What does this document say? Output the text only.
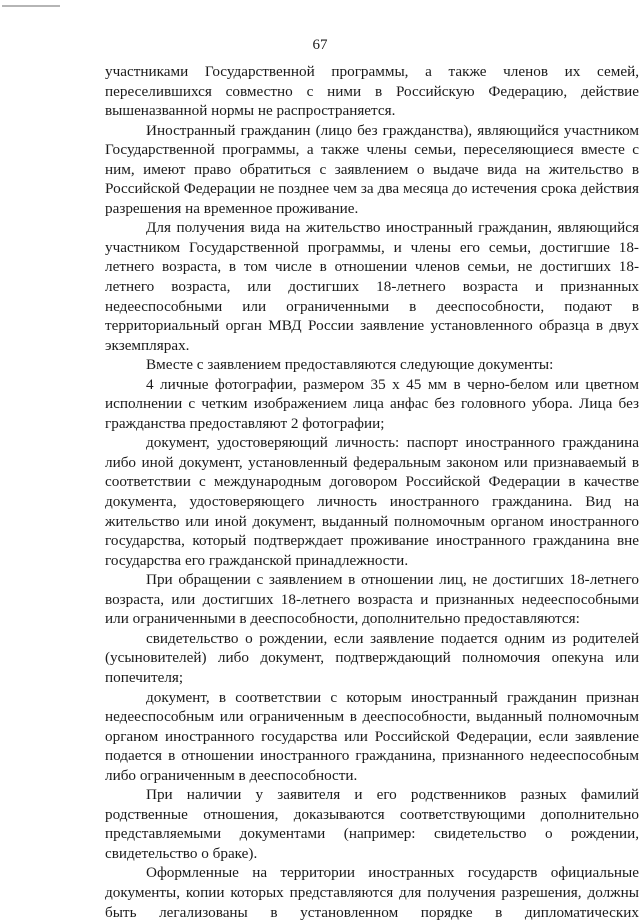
67

участниками Государственной программы, а также членов их семей, переселившихся совместно с ними в Российскую Федерацию, действие вышеназванной нормы не распространяется.

Иностранный гражданин (лицо без гражданства), являющийся участником Государственной программы, а также члены семьи, переселяющиеся вместе с ним, имеют право обратиться с заявлением о выдаче вида на жительство в Российской Федерации не позднее чем за два месяца до истечения срока действия разрешения на временное проживание.

Для получения вида на жительство иностранный гражданин, являющийся участником Государственной программы, и члены его семьи, достигшие 18-летнего возраста, в том числе в отношении членов семьи, не достигших 18-летнего возраста, или достигших 18-летнего возраста и признанных недееспособными или ограниченными в дееспособности, подают в территориальный орган МВД России заявление установленного образца в двух экземплярах.

Вместе с заявлением предоставляются следующие документы:

4 личные фотографии, размером 35 х 45 мм в черно-белом или цветном исполнении с четким изображением лица анфас без головного убора. Лица без гражданства предоставляют 2 фотографии;

документ, удостоверяющий личность: паспорт иностранного гражданина либо иной документ, установленный федеральным законом или признаваемый в соответствии с международным договором Российской Федерации в качестве документа, удостоверяющего личность иностранного гражданина. Вид на жительство или иной документ, выданный полномочным органом иностранного государства, который подтверждает проживание иностранного гражданина вне государства его гражданской принадлежности.

При обращении с заявлением в отношении лиц, не достигших 18-летнего возраста, или достигших 18-летнего возраста и признанных недееспособными или ограниченными в дееспособности, дополнительно предоставляются:

свидетельство о рождении, если заявление подается одним из родителей (усыновителей) либо документ, подтверждающий полномочия опекуна или попечителя;

документ, в соответствии с которым иностранный гражданин признан недееспособным или ограниченным в дееспособности, выданный полномочным органом иностранного государства или Российской Федерации, если заявление подается в отношении иностранного гражданина, признанного недееспособным либо ограниченным в дееспособности.

При наличии у заявителя и его родственников разных фамилий родственные отношения, доказываются соответствующими дополнительно представляемыми документами (например: свидетельство о рождении, свидетельство о браке).

Оформленные на территории иностранных государств официальные документы, копии которых представляются для получения разрешения, должны быть легализованы в установленном порядке в дипломатических
